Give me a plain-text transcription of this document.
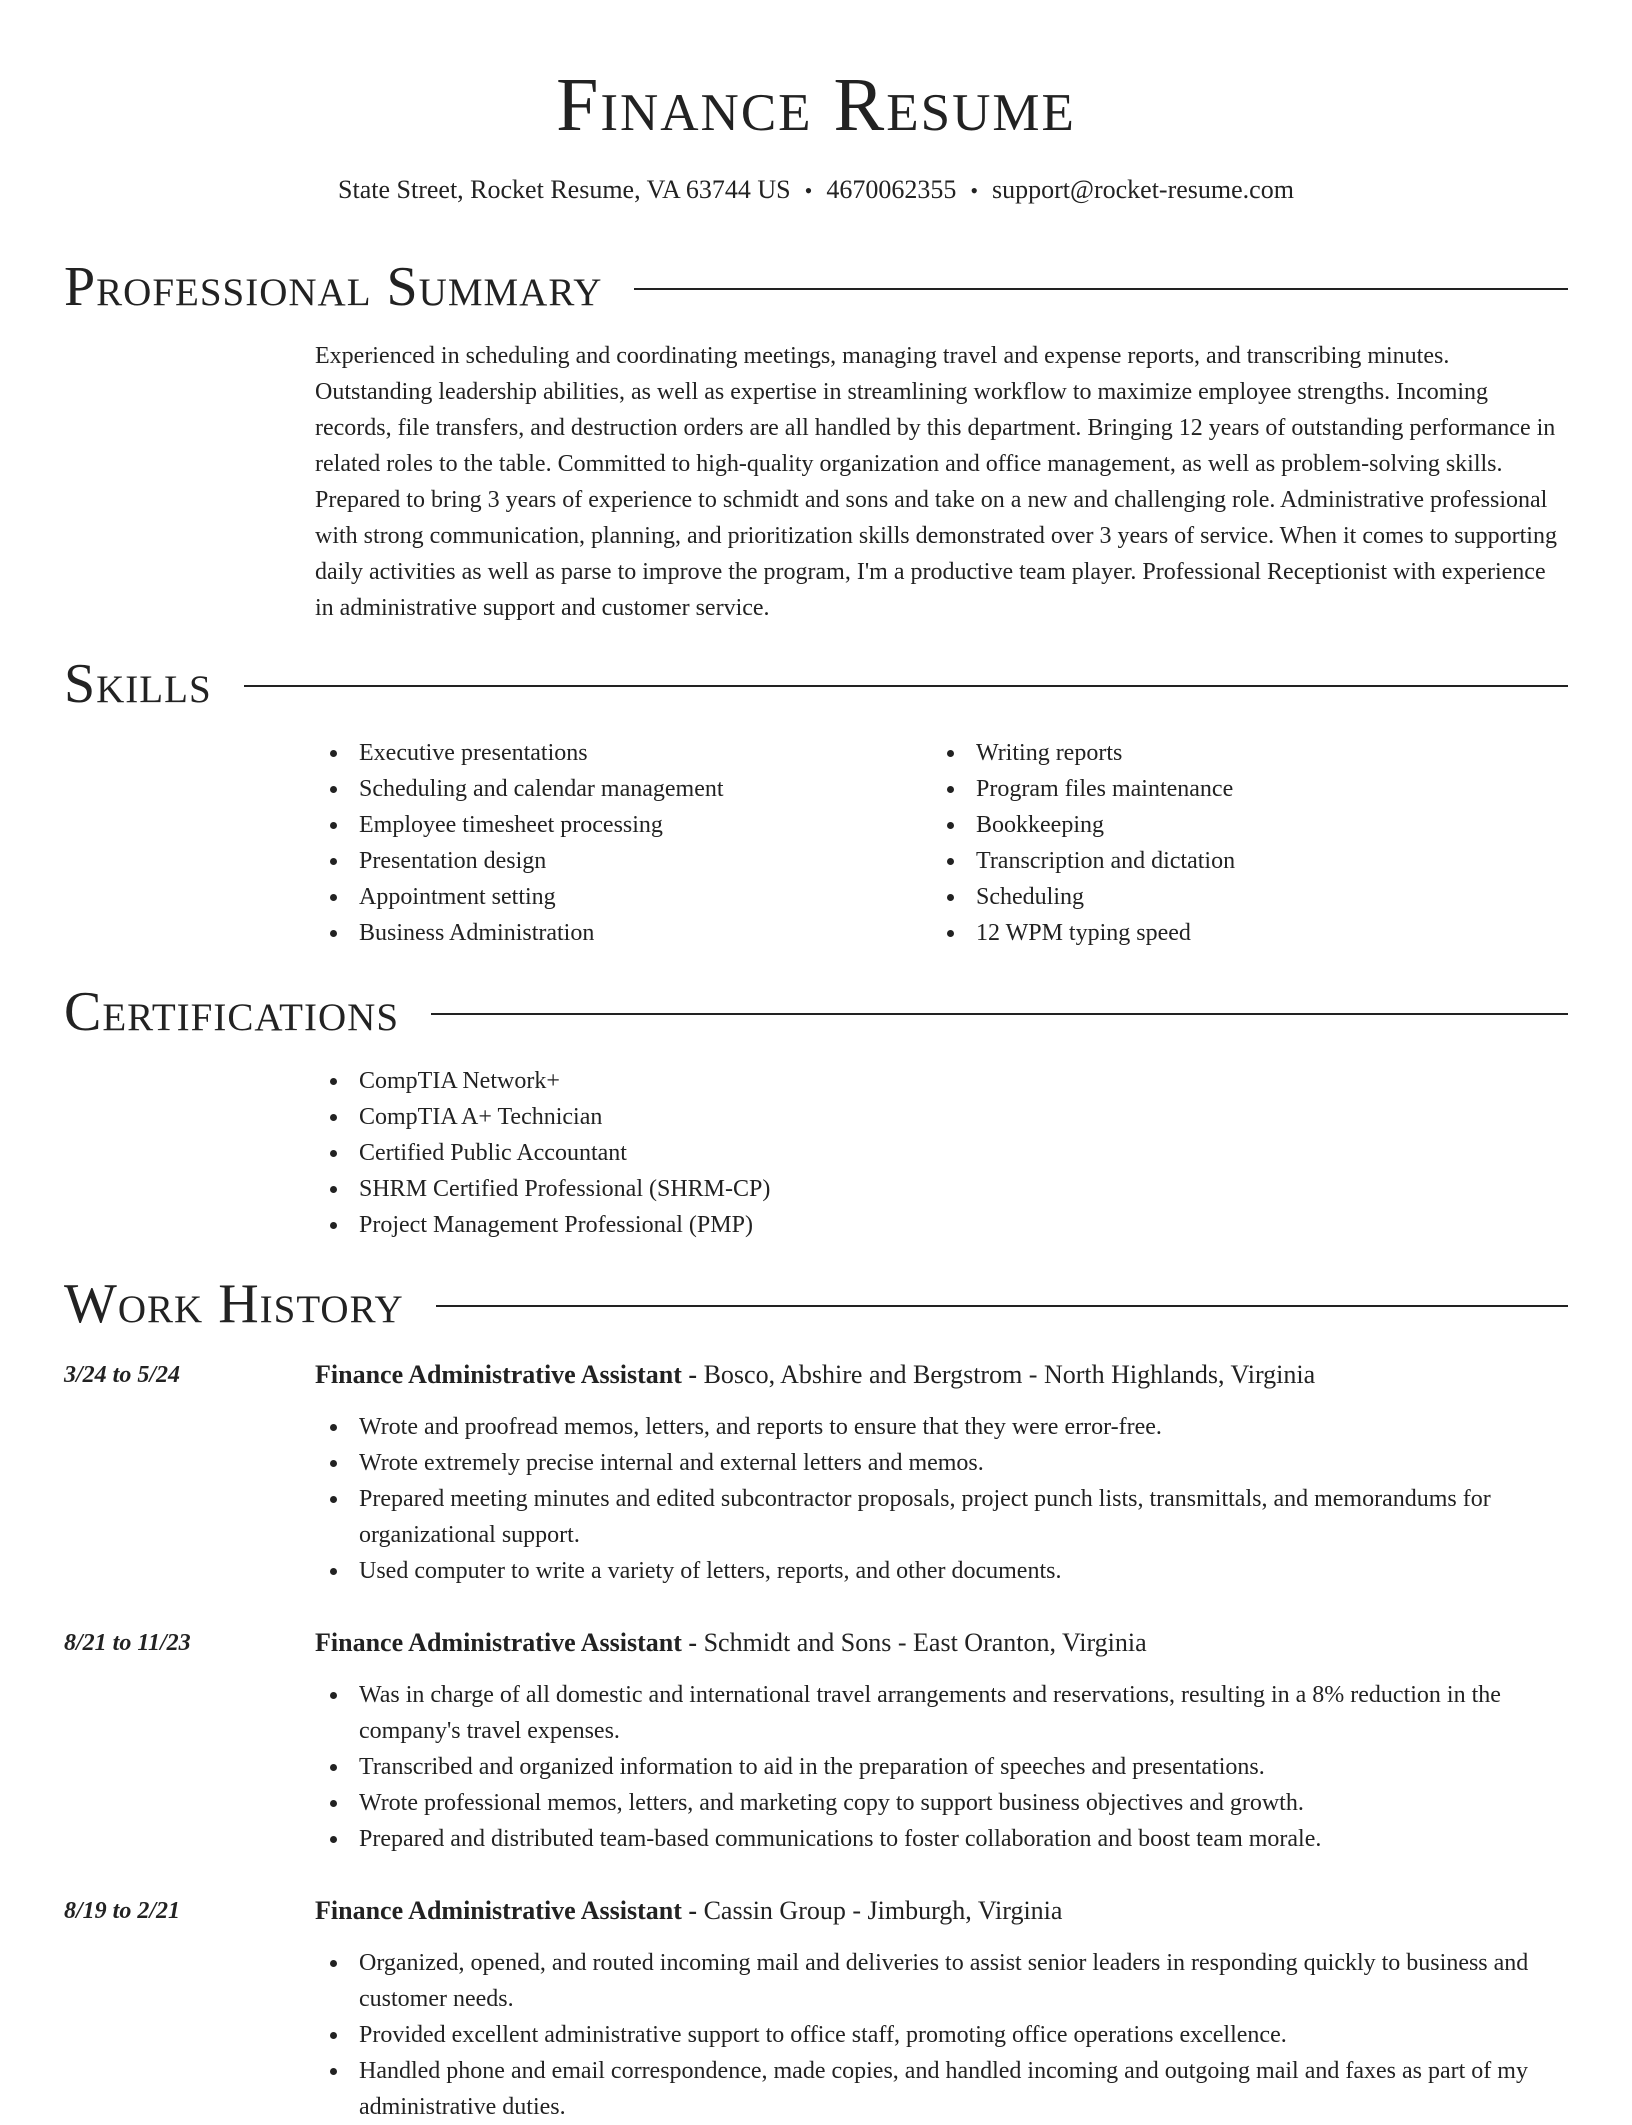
Finance Resume
State Street, Rocket Resume, VA 63744 US • 4670062355 • support@rocket-resume.com
Professional Summary
Experienced in scheduling and coordinating meetings, managing travel and expense reports, and transcribing minutes. Outstanding leadership abilities, as well as expertise in streamlining workflow to maximize employee strengths. Incoming records, file transfers, and destruction orders are all handled by this department. Bringing 12 years of outstanding performance in related roles to the table. Committed to high-quality organization and office management, as well as problem-solving skills. Prepared to bring 3 years of experience to schmidt and sons and take on a new and challenging role. Administrative professional with strong communication, planning, and prioritization skills demonstrated over 3 years of service. When it comes to supporting daily activities as well as parse to improve the program, I'm a productive team player. Professional Receptionist with experience in administrative support and customer service.
Skills
Executive presentations
Scheduling and calendar management
Employee timesheet processing
Presentation design
Appointment setting
Business Administration
Writing reports
Program files maintenance
Bookkeeping
Transcription and dictation
Scheduling
12 WPM typing speed
Certifications
CompTIA Network+
CompTIA A+ Technician
Certified Public Accountant
SHRM Certified Professional (SHRM-CP)
Project Management Professional (PMP)
Work History
3/24 to 5/24	Finance Administrative Assistant - Bosco, Abshire and Bergstrom - North Highlands, Virginia
Wrote and proofread memos, letters, and reports to ensure that they were error-free.
Wrote extremely precise internal and external letters and memos.
Prepared meeting minutes and edited subcontractor proposals, project punch lists, transmittals, and memorandums for organizational support.
Used computer to write a variety of letters, reports, and other documents.
8/21 to 11/23	Finance Administrative Assistant - Schmidt and Sons - East Oranton, Virginia
Was in charge of all domestic and international travel arrangements and reservations, resulting in a 8% reduction in the company's travel expenses.
Transcribed and organized information to aid in the preparation of speeches and presentations.
Wrote professional memos, letters, and marketing copy to support business objectives and growth.
Prepared and distributed team-based communications to foster collaboration and boost team morale.
8/19 to 2/21	Finance Administrative Assistant - Cassin Group - Jimburgh, Virginia
Organized, opened, and routed incoming mail and deliveries to assist senior leaders in responding quickly to business and customer needs.
Provided excellent administrative support to office staff, promoting office operations excellence.
Handled phone and email correspondence, made copies, and handled incoming and outgoing mail and faxes as part of my administrative duties.
